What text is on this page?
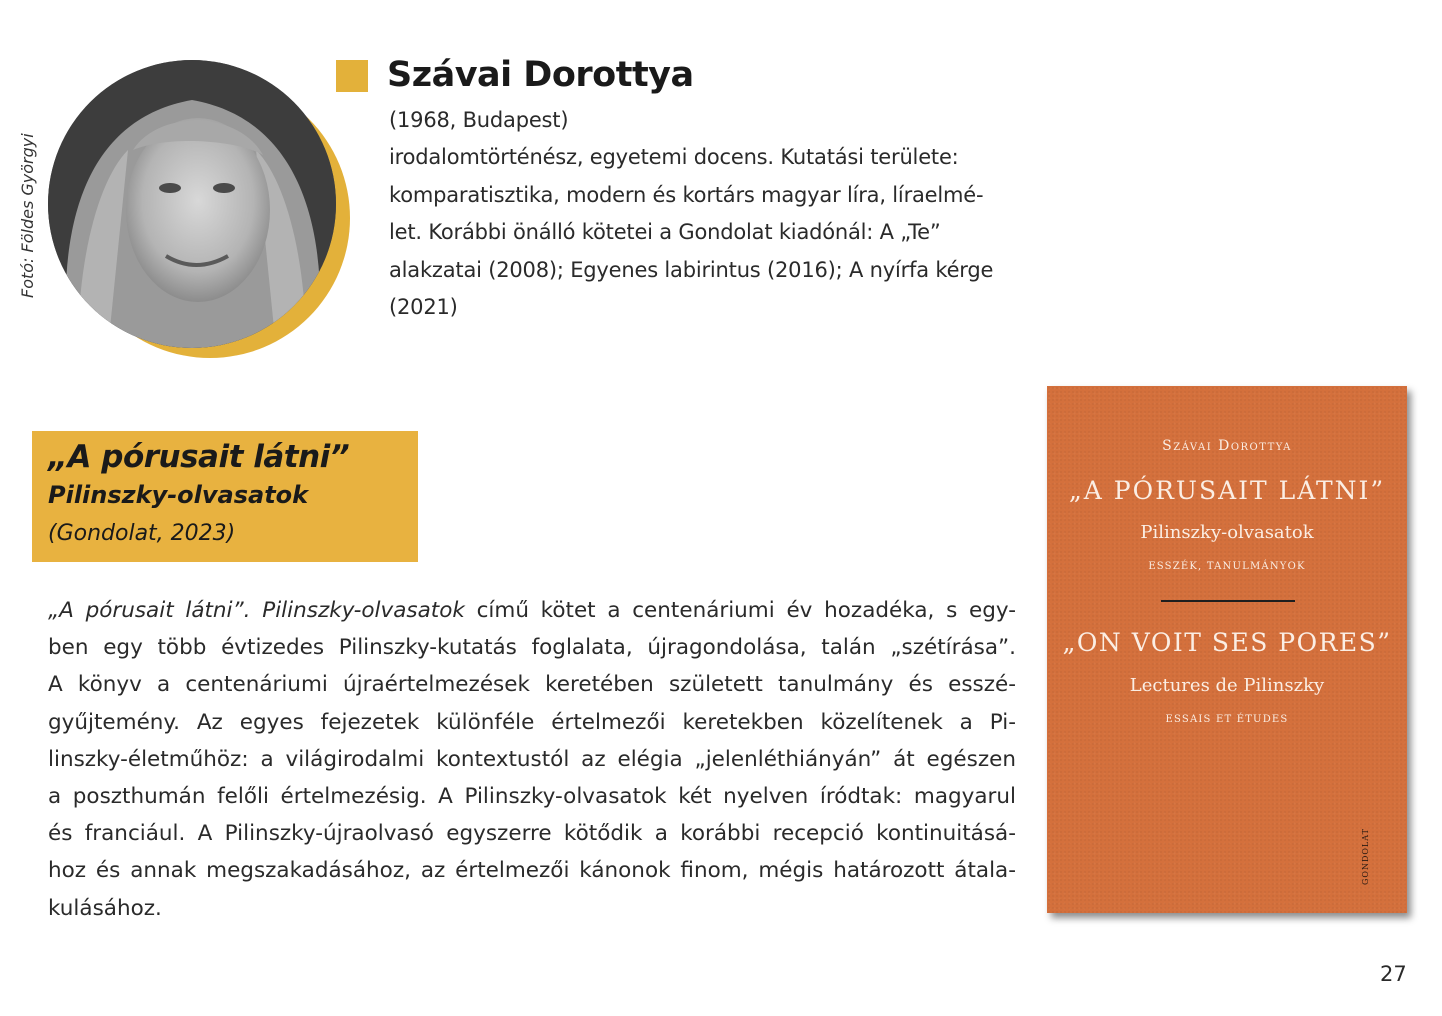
Fotó: Földes Györgyi
Szávai Dorottya
(1968, Budapest)
irodalomtörténész, egyetemi docens. Kutatási területe:
komparatisztika, modern és kortárs magyar líra, líraelmé-
let. Korábbi önálló kötetei a Gondolat kiadónál: A „Te”
alakzatai (2008); Egyenes labirintus (2016); A nyírfa kérge
(2021)
„A pórusait látni”
Pilinszky-olvasatok
(Gondolat, 2023)
„A pórusait látni”. Pilinszky-olvasatok című kötet a centenáriumi év hozadéka, s egy-
ben egy több évtizedes Pilinszky-kutatás foglalata, újragondolása, talán „szétírása”.
A könyv a centenáriumi újraértelmezések keretében született tanulmány és esszé-
gyűjtemény. Az egyes fejezetek különféle értelmezői keretekben közelítenek a Pi-
linszky-életműhöz: a világirodalmi kontextustól az elégia „jelenléthiányán” át egészen
a poszthumán felőli értelmezésig. A Pilinszky-olvasatok két nyelven íródtak: magyarul
és franciául. A Pilinszky-újraolvasó egyszerre kötődik a korábbi recepció kontinuitásá-
hoz és annak megszakadásához, az értelmezői kánonok finom, mégis határozott átala-
kulásához.
Szávai Dorottya
„A PÓRUSAIT LÁTNI”
Pilinszky-olvasatok
ESSZÉK, TANULMÁNYOK
„ON VOIT SES PORES”
Lectures de Pilinszky
ESSAIS ET ÉTUDES
GONDOLAT
27
